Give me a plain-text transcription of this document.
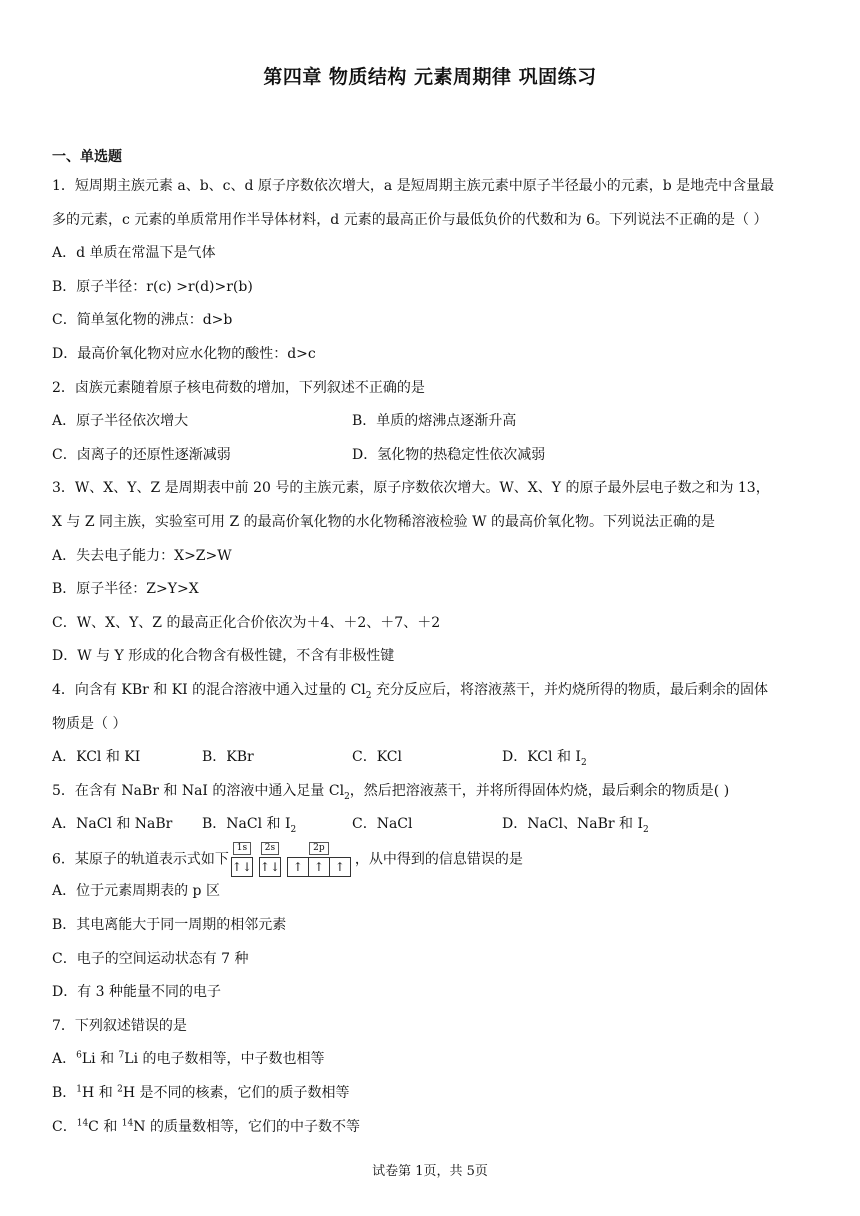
第四章 物质结构 元素周期律 巩固练习
一、单选题
1．短周期主族元素 a、b、c、d 原子序数依次增大，a 是短周期主族元素中原子半径最小的元素，b 是地壳中含量最
多的元素，c 元素的单质常用作半导体材料，d 元素的最高正价与最低负价的代数和为 6。下列说法不正确的是（ ）
A．d 单质在常温下是气体
B．原子半径：r(c) >r(d)>r(b)
C．简单氢化物的沸点：d>b
D．最高价氧化物对应水化物的酸性：d>c
2．卤族元素随着原子核电荷数的增加，下列叙述不正确的是
A．原子半径依次增大	B．单质的熔沸点逐渐升高
C．卤离子的还原性逐渐减弱	D．氢化物的热稳定性依次减弱
3．W、X、Y、Z 是周期表中前 20 号的主族元素，原子序数依次增大。W、X、Y 的原子最外层电子数之和为 13，
X 与 Z 同主族，实验室可用 Z 的最高价氧化物的水化物稀溶液检验 W 的最高价氧化物。下列说法正确的是
A．失去电子能力：X>Z>W
B．原子半径：Z>Y>X
C．W、X、Y、Z 的最高正化合价依次为＋4、＋2、＋7、＋2
D．W 与 Y 形成的化合物含有极性键，不含有非极性键
4．向含有 KBr 和 KI 的混合溶液中通入过量的 $Cl_2$ 充分反应后，将溶液蒸干，并灼烧所得的物质，最后剩余的固体
物质是（ ）
A．KCl 和 KI	B．KBr	C．KCl	D．KCl 和 $I_2$
5．在含有 NaBr 和 NaI 的溶液中通入足量 $Cl_2$，然后把溶液蒸干，并将所得固体灼烧，最后剩余的物质是( )
A．NaCl 和 NaBr	B．NaCl 和 $I_2$	C．NaCl	D．NaCl、NaBr 和 $I_2$
6．某原子的轨道表示式如下
1s
↑↓
2s
↑↓
2p
↑ ↑ ↑ ，从中得到的信息错误的是
A．位于元素周期表的 p 区
B．其电离能大于同一周期的相邻元素
C．电子的空间运动状态有 7 种
D．有 3 种能量不同的电子
7．下列叙述错误的是
A．$^6$Li 和 $^7$Li 的电子数相等，中子数也相等
B．$^1$H 和 $^2$H 是不同的核素，它们的质子数相等
C．$^{14}$C 和 $^{14}$N 的质量数相等，它们的中子数不等
试卷第 1页，共 5页
